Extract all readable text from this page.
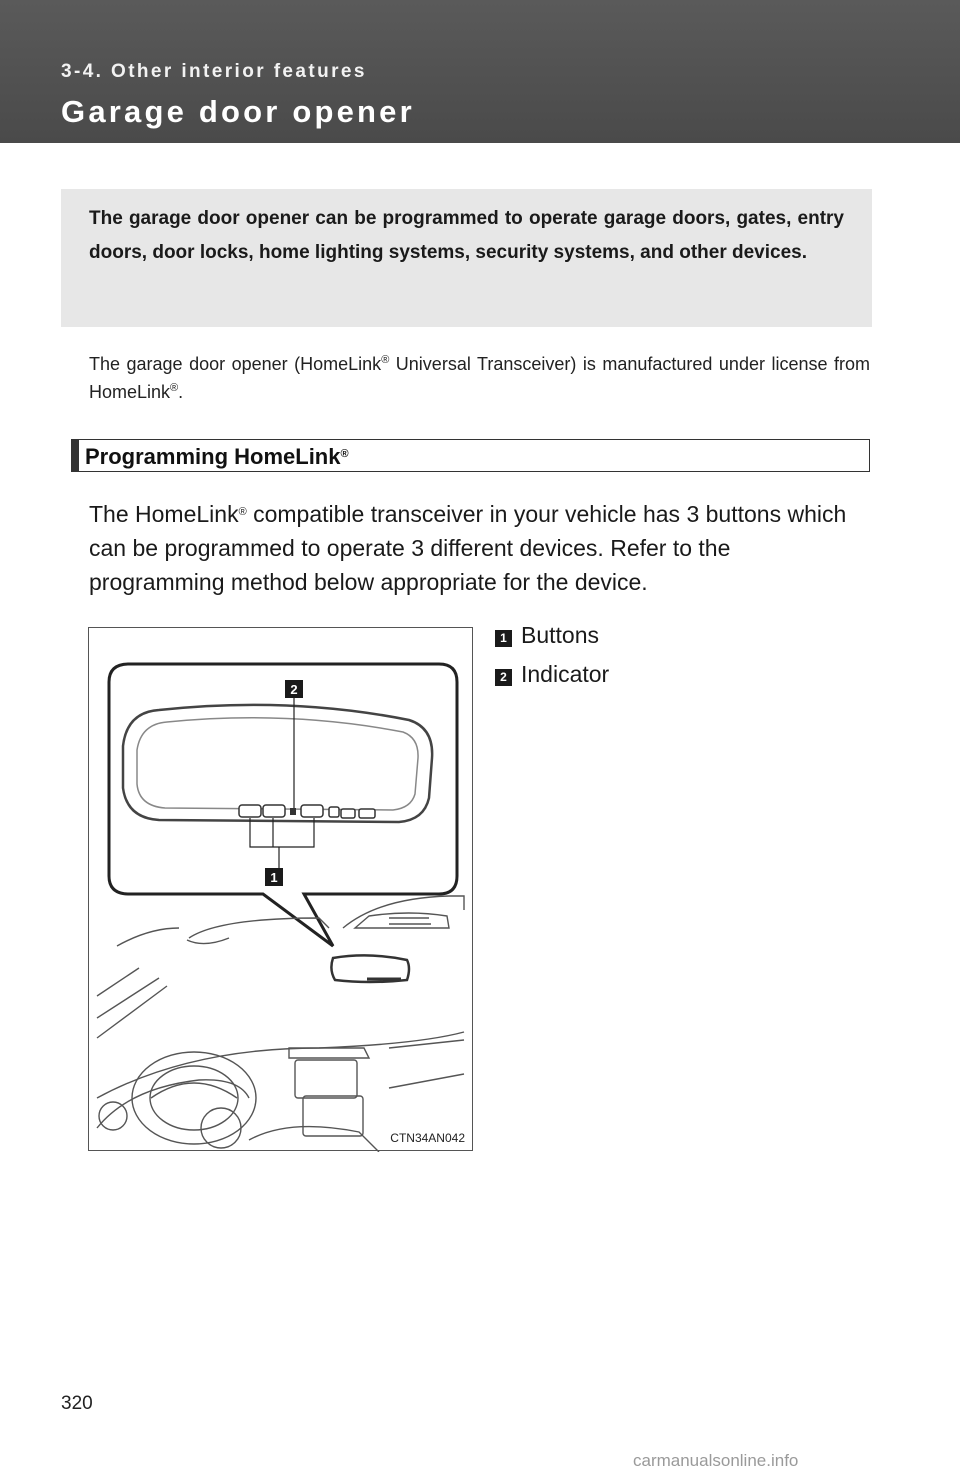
3-4. Other interior features
Garage door opener
The garage door opener can be programmed to operate garage doors, gates, entry doors, door locks, home lighting systems, security systems, and other devices.
The garage door opener (HomeLink® Universal Transceiver) is manufactured under license from HomeLink®.
Programming HomeLink®
The HomeLink® compatible transceiver in your vehicle has 3 buttons which can be programmed to operate 3 different devices. Refer to the programming method below appropriate for the device.
2
1
CTN34AN042
1 Buttons
2 Indicator
320
carmanualsonline.info
